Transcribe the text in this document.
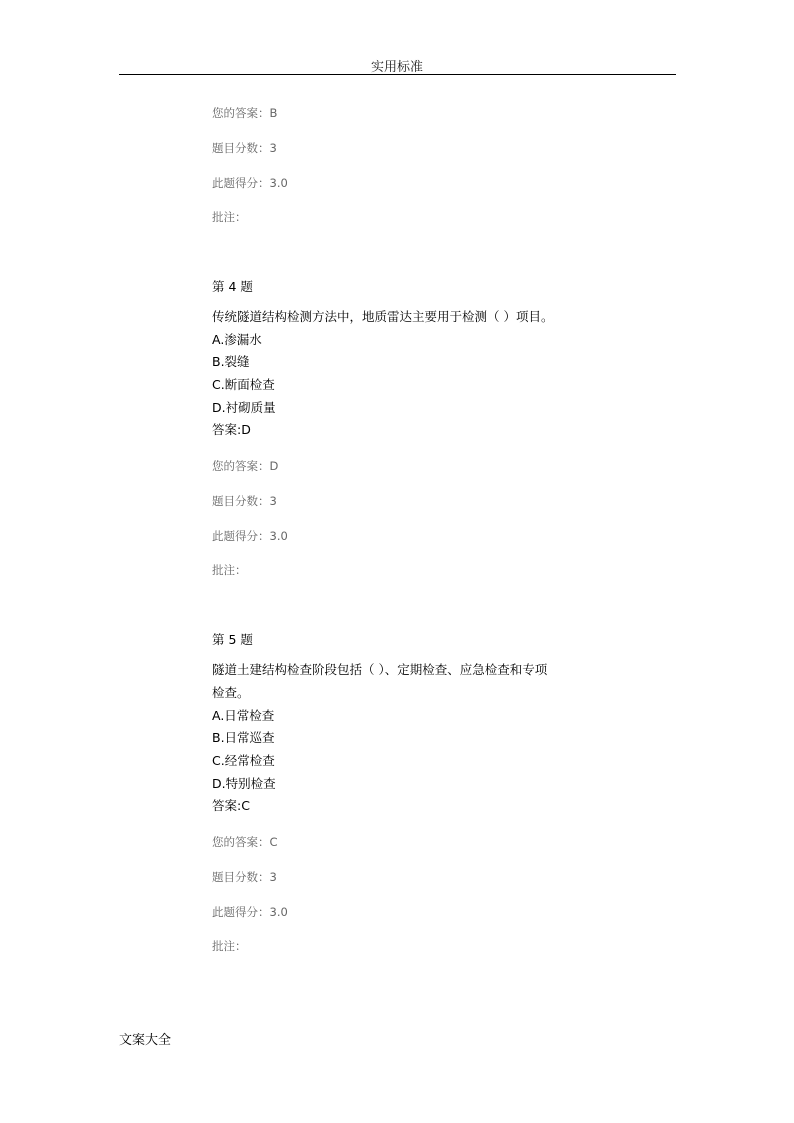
实用标准
您的答案：B
题目分数：3
此题得分：3.0
批注：
第 4 题
传统隧道结构检测方法中，地质雷达主要用于检测（ ）项目。
A.渗漏水
B.裂缝
C.断面检查
D.衬砌质量
答案:D
您的答案：D
题目分数：3
此题得分：3.0
批注：
第 5 题
隧道土建结构检查阶段包括（ ）、定期检查、应急检查和专项
检查。
A.日常检查
B.日常巡查
C.经常检查
D.特别检查
答案:C
您的答案：C
题目分数：3
此题得分：3.0
批注：
文案大全
